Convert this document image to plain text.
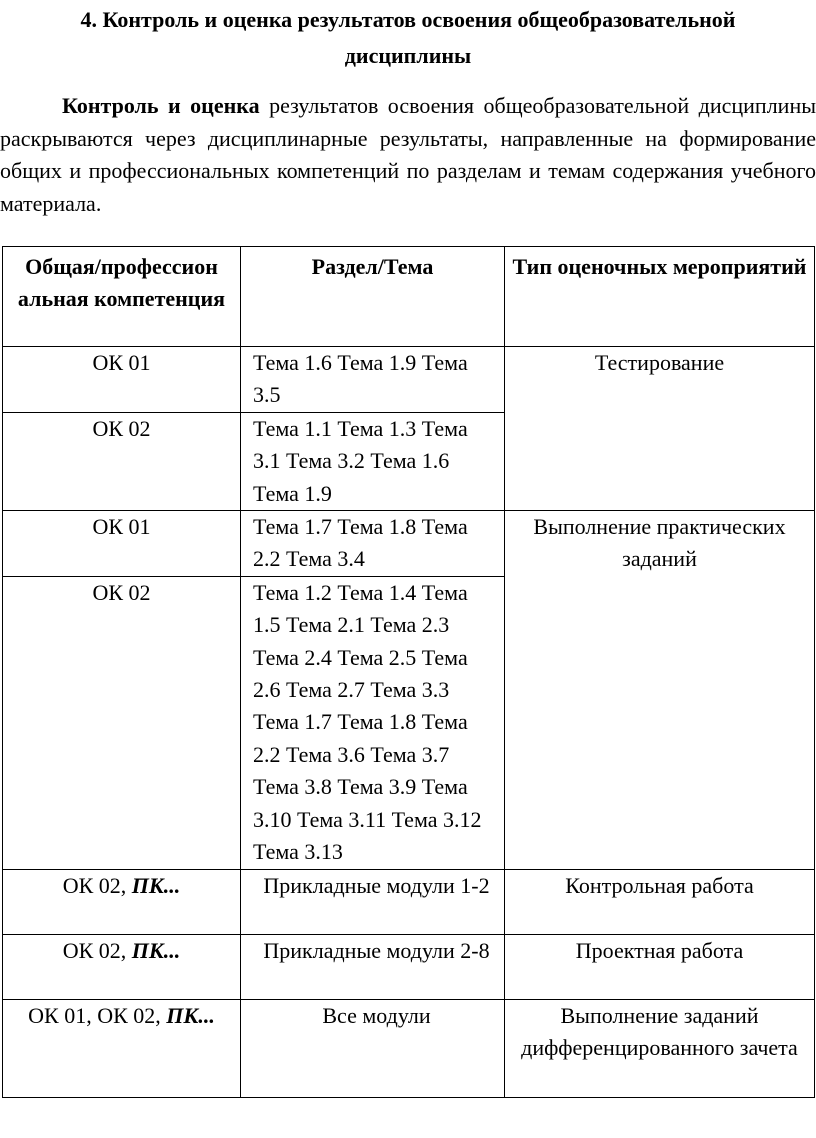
4. Контроль и оценка результатов освоения общеобразовательной
дисциплины

Контроль и оценка результатов освоения общеобразовательной дисциплины раскрываются через дисциплинарные результаты, направленные на формирование общих и профессиональных компетенций по разделам и темам содержания учебного материала.

Общая/профессион альная компетенция	Раздел/Тема	Тип оценочных мероприятий
ОК 01	Тема 1.6 Тема 1.9 Тема 3.5	Тестирование
ОК 02	Тема 1.1 Тема 1.3 Тема 3.1 Тема 3.2 Тема 1.6 Тема 1.9	
ОК 01	Тема 1.7 Тема 1.8 Тема 2.2 Тема 3.4	Выполнение практических заданий
ОК 02	Тема 1.2 Тема 1.4 Тема 1.5 Тема 2.1 Тема 2.3 Тема 2.4 Тема 2.5 Тема 2.6 Тема 2.7 Тема 3.3 Тема 1.7 Тема 1.8 Тема 2.2 Тема 3.6 Тема 3.7 Тема 3.8 Тема 3.9 Тема 3.10 Тема 3.11 Тема 3.12 Тема 3.13	
ОК 02, ПК...	Прикладные модули 1-2	Контрольная работа
ОК 02, ПК...	Прикладные модули 2-8	Проектная работа
ОК 01, ОК 02, ПК...	Все модули	Выполнение заданий дифференцированного зачета
